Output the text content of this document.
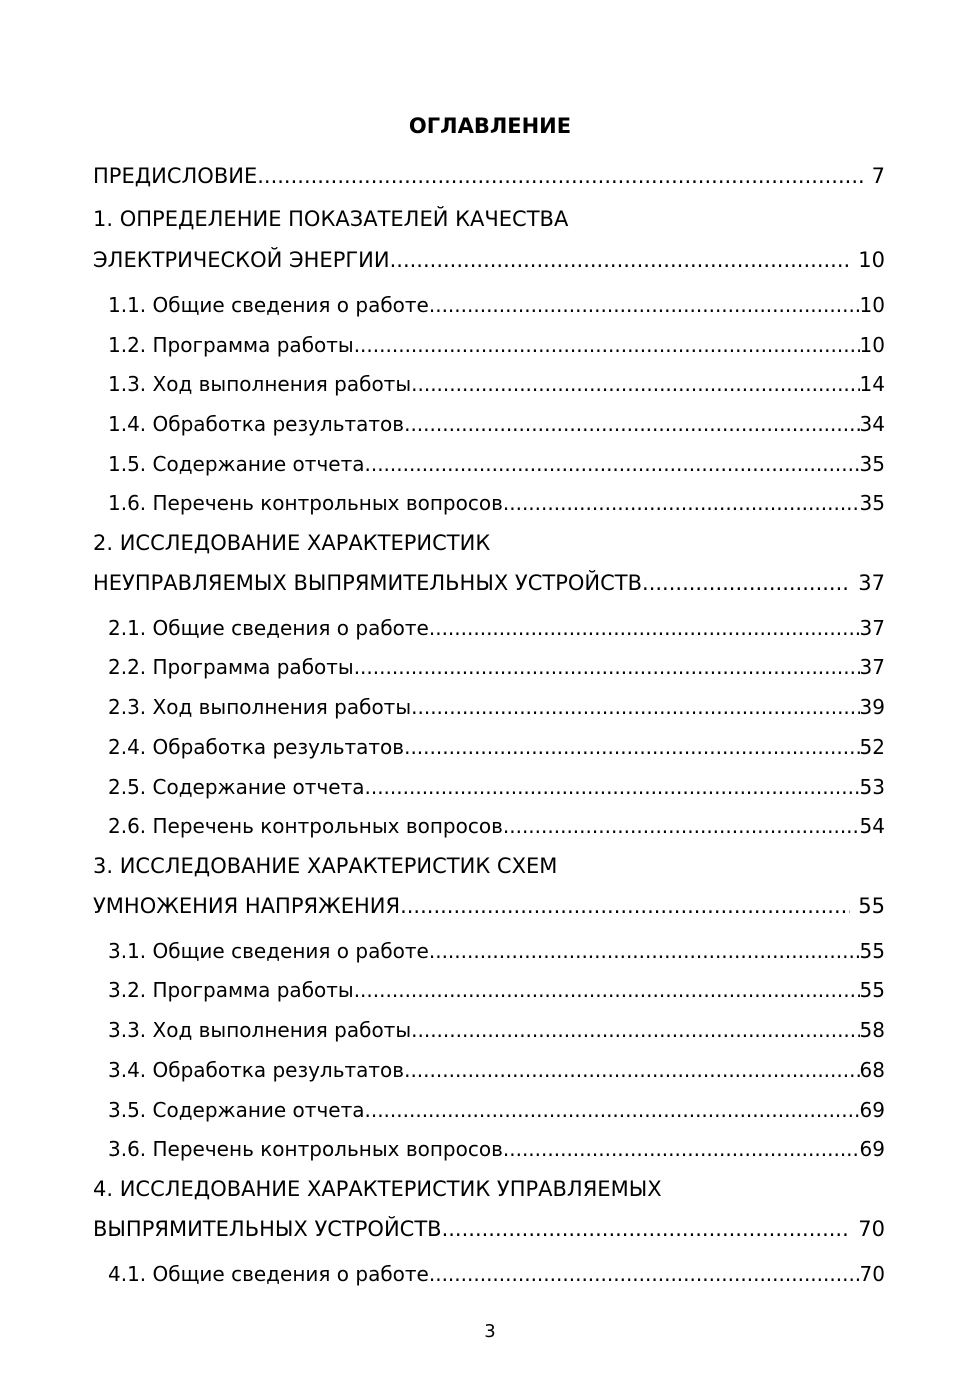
ОГЛАВЛЕНИЕ
ПРЕДИСЛОВИЕ .....	7
1. ОПРЕДЕЛЕНИЕ ПОКАЗАТЕЛЕЙ КАЧЕСТВА
ЭЛЕКТРИЧЕСКОЙ ЭНЕРГИИ .....	10
1.1. Общие сведения о работе .....	10
1.2. Программа работы .....	10
1.3. Ход выполнения работы .....	14
1.4. Обработка результатов .....	34
1.5. Содержание отчета .....	35
1.6. Перечень контрольных вопросов .....	35
2. ИССЛЕДОВАНИЕ ХАРАКТЕРИСТИК
НЕУПРАВЛЯЕМЫХ ВЫПРЯМИТЕЛЬНЫХ УСТРОЙСТВ .....	37
2.1. Общие сведения о работе .....	37
2.2. Программа работы .....	37
2.3. Ход выполнения работы .....	39
2.4. Обработка результатов .....	52
2.5. Содержание отчета .....	53
2.6. Перечень контрольных вопросов .....	54
3. ИССЛЕДОВАНИЕ ХАРАКТЕРИСТИК СХЕМ
УМНОЖЕНИЯ НАПРЯЖЕНИЯ .....	55
3.1. Общие сведения о работе .....	55
3.2. Программа работы .....	55
3.3. Ход выполнения работы .....	58
3.4. Обработка результатов .....	68
3.5. Содержание отчета .....	69
3.6. Перечень контрольных вопросов .....	69
4. ИССЛЕДОВАНИЕ ХАРАКТЕРИСТИК УПРАВЛЯЕМЫХ
ВЫПРЯМИТЕЛЬНЫХ УСТРОЙСТВ .....	70
4.1. Общие сведения о работе .....	70
3
